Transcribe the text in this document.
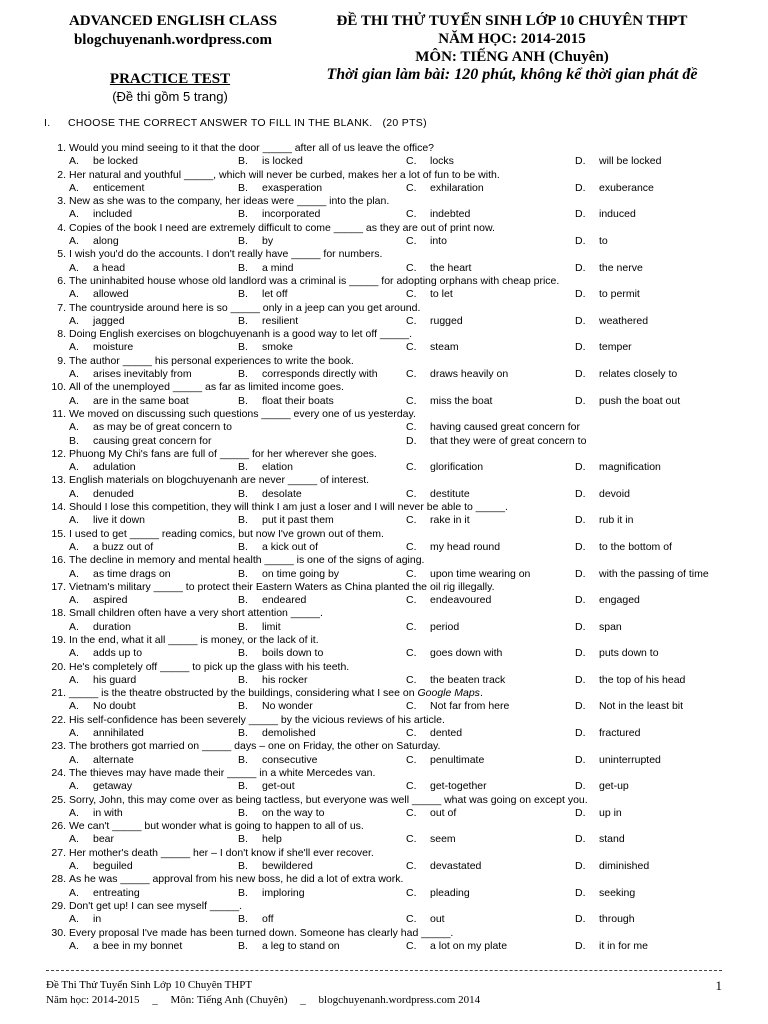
ADVANCED ENGLISH CLASS
blogchuyenanh.wordpress.com
ĐỀ THI THỬ TUYỂN SINH LỚP 10 CHUYÊN THPT
NĂM HỌC: 2014-2015
MÔN: TIẾNG ANH (Chuyên)
Thời gian làm bài: 120 phút, không kể thời gian phát đề
PRACTICE TEST
(Đề thi gồm 5 trang)
I. CHOOSE THE CORRECT ANSWER TO FILL IN THE BLANK. (20 PTS)
1. Would you mind seeing to it that the door _____ after all of us leave the office?
A. be locked	B. is locked	C. locks	D. will be locked
2. Her natural and youthful _____, which will never be curbed, makes her a lot of fun to be with.
A. enticement	B. exasperation	C. exhilaration	D. exuberance
3. New as she was to the company, her ideas were _____ into the plan.
A. included	B. incorporated	C. indebted	D. induced
4. Copies of the book I need are extremely difficult to come _____ as they are out of print now.
A. along	B. by	C. into	D. to
5. I wish you'd do the accounts. I don't really have _____ for numbers.
A. a head	B. a mind	C. the heart	D. the nerve
6. The uninhabited house whose old landlord was a criminal is _____ for adopting orphans with cheap price.
A. allowed	B. let off	C. to let	D. to permit
7. The countryside around here is so _____ only in a jeep can you get around.
A. jagged	B. resilient	C. rugged	D. weathered
8. Doing English exercises on blogchuyenanh is a good way to let off _____.
A. moisture	B. smoke	C. steam	D. temper
9. The author _____ his personal experiences to write the book.
A. arises inevitably from	B. corresponds directly with	C. draws heavily on	D. relates closely to
10. All of the unemployed _____ as far as limited income goes.
A. are in the same boat	B. float their boats	C. miss the boat	D. push the boat out
11. We moved on discussing such questions _____ every one of us yesterday.
A. as may be of great concern to
B. causing great concern for
C. having caused great concern for
D. that they were of great concern to
12. Phuong My Chi's fans are full of _____ for her wherever she goes.
A. adulation	B. elation	C. glorification	D. magnification
13. English materials on blogchuyenanh are never _____ of interest.
A. denuded	B. desolate	C. destitute	D. devoid
14. Should I lose this competition, they will think I am just a loser and I will never be able to _____.
A. live it down	B. put it past them	C. rake in it	D. rub it in
15. I used to get _____ reading comics, but now I've grown out of them.
A. a buzz out of	B. a kick out of	C. my head round	D. to the bottom of
16. The decline in memory and mental health _____ is one of the signs of aging.
A. as time drags on	B. on time going by	C. upon time wearing on	D. with the passing of time
17. Vietnam's military _____ to protect their Eastern Waters as China planted the oil rig illegally.
A. aspired	B. endeared	C. endeavoured	D. engaged
18. Small children often have a very short attention _____.
A. duration	B. limit	C. period	D. span
19. In the end, what it all _____ is money, or the lack of it.
A. adds up to	B. boils down to	C. goes down with	D. puts down to
20. He's completely off _____ to pick up the glass with his teeth.
A. his guard	B. his rocker	C. the beaten track	D. the top of his head
21. _____ is the theatre obstructed by the buildings, considering what I see on Google Maps.
A. No doubt	B. No wonder	C. Not far from here	D. Not in the least bit
22. His self-confidence has been severely _____ by the vicious reviews of his article.
A. annihilated	B. demolished	C. dented	D. fractured
23. The brothers got married on _____ days – one on Friday, the other on Saturday.
A. alternate	B. consecutive	C. penultimate	D. uninterrupted
24. The thieves may have made their _____ in a white Mercedes van.
A. getaway	B. get-out	C. get-together	D. get-up
25. Sorry, John, this may come over as being tactless, but everyone was well _____ what was going on except you.
A. in with	B. on the way to	C. out of	D. up in
26. We can't _____ but wonder what is going to happen to all of us.
A. bear	B. help	C. seem	D. stand
27. Her mother's death _____ her – I don't know if she'll ever recover.
A. beguiled	B. bewildered	C. devastated	D. diminished
28. As he was _____ approval from his new boss, he did a lot of extra work.
A. entreating	B. imploring	C. pleading	D. seeking
29. Don't get up! I can see myself _____.
A. in	B. off	C. out	D. through
30. Every proposal I've made has been turned down. Someone has clearly had _____.
A. a bee in my bonnet	B. a leg to stand on	C. a lot on my plate	D. it in for me
Đề Thi Thử Tuyển Sinh Lớp 10 Chuyên THPT
Năm học: 2014-2015 _ Môn: Tiếng Anh (Chuyên) _ blogchuyenanh.wordpress.com 2014
1
